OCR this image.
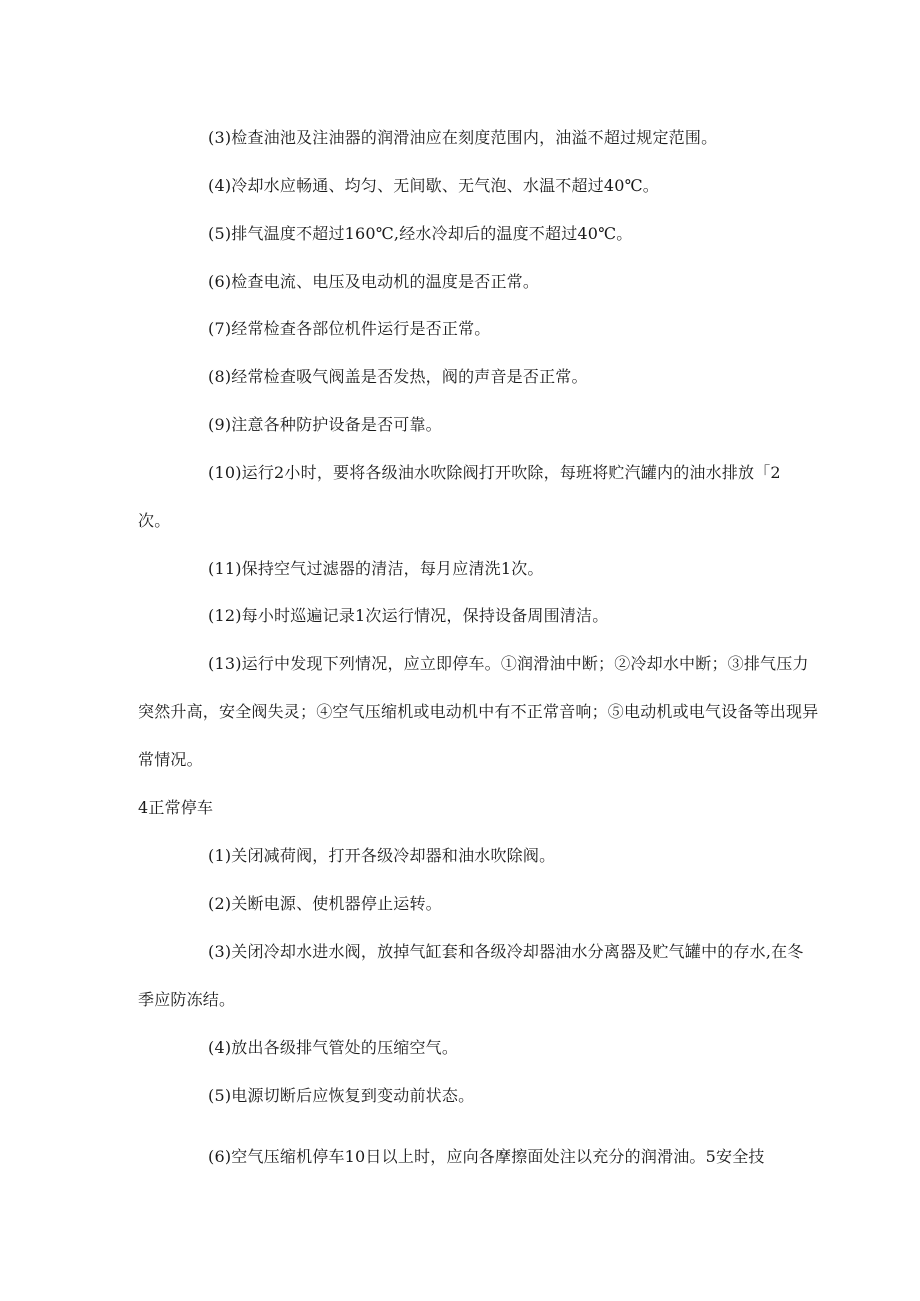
(3)检查油池及注油器的润滑油应在刻度范围内，油溢不超过规定范围。
(4)冷却水应畅通、均匀、无间歇、无气泡、水温不超过40℃。
(5)排气温度不超过160℃,经水冷却后的温度不超过40℃。
(6)检查电流、电压及电动机的温度是否正常。
(7)经常检查各部位机件运行是否正常。
(8)经常检查吸气阀盖是否发热，阀的声音是否正常。
(9)注意各种防护设备是否可靠。
(10)运行2小时，要将各级油水吹除阀打开吹除，每班将贮汽罐内的油水排放「2
次。
(11)保持空气过滤器的清洁，每月应清洗1次。
(12)每小时巡遍记录1次运行情况，保持设备周围清洁。
(13)运行中发现下列情况，应立即停车。①润滑油中断；②冷却水中断；③排气压力
突然升高，安全阀失灵；④空气压缩机或电动机中有不正常音响；⑤电动机或电气设备等出现异
常情况。
4正常停车
(1)关闭减荷阀，打开各级冷却器和油水吹除阀。
(2)关断电源、使机器停止运转。
(3)关闭冷却水进水阀，放掉气缸套和各级冷却器油水分离器及贮气罐中的存水,在冬
季应防冻结。
(4)放出各级排气管处的压缩空气。
(5)电源切断后应恢复到变动前状态。
(6)空气压缩机停车10日以上时，应向各摩擦面处注以充分的润滑油。5安全技
